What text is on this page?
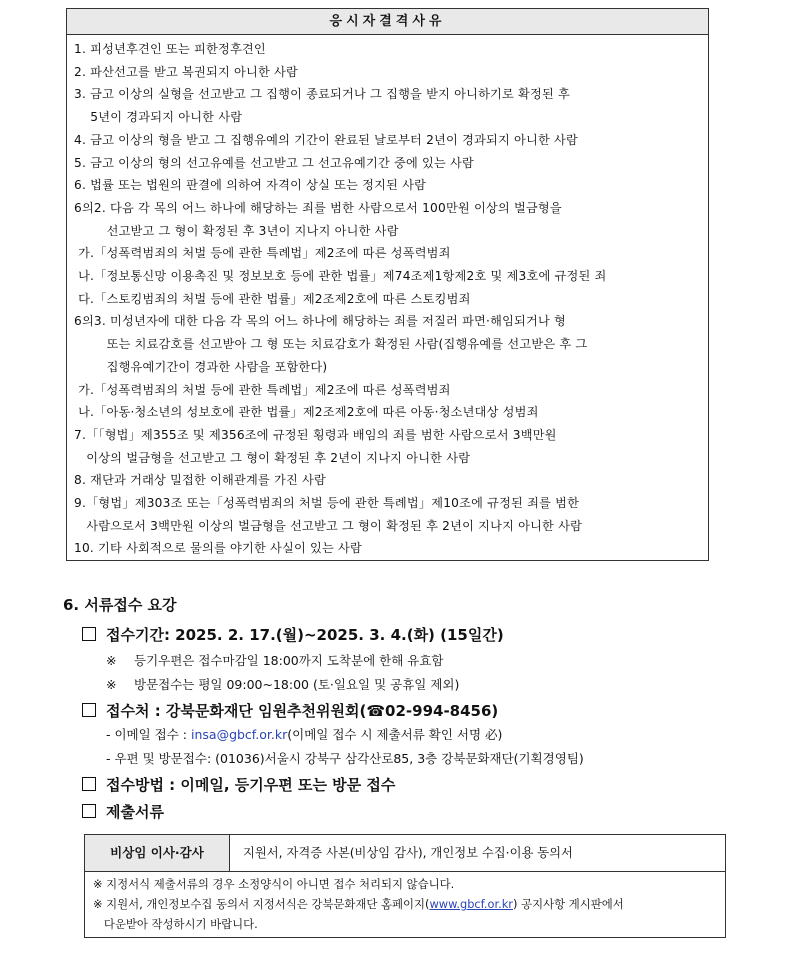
응시자결격사유
1. 피성년후견인 또는 피한정후견인
2. 파산선고를 받고 복권되지 아니한 사람
3. 금고 이상의 실형을 선고받고 그 집행이 종료되거나 그 집행을 받지 아니하기로 확정된 후
5년이 경과되지 아니한 사람
4. 금고 이상의 형을 받고 그 집행유예의 기간이 완료된 날로부터 2년이 경과되지 아니한 사람
5. 금고 이상의 형의 선고유예를 선고받고 그 선고유예기간 중에 있는 사람
6. 법률 또는 법원의 판결에 의하여 자격이 상실 또는 정지된 사람
6의2. 다음 각 목의 어느 하나에 해당하는 죄를 범한 사람으로서 100만원 이상의 벌금형을
선고받고 그 형이 확정된 후 3년이 지나지 아니한 사람
가.「성폭력범죄의 처벌 등에 관한 특례법」제2조에 따른 성폭력범죄
나.「정보통신망 이용촉진 및 정보보호 등에 관한 법률」제74조제1항제2호 및 제3호에 규정된 죄
다.「스토킹범죄의 처벌 등에 관한 법률」제2조제2호에 따른 스토킹범죄
6의3. 미성년자에 대한 다음 각 목의 어느 하나에 해당하는 죄를 저질러 파면·해임되거나 형
또는 치료감호를 선고받아 그 형 또는 치료감호가 확정된 사람(집행유예를 선고받은 후 그
집행유예기간이 경과한 사람을 포함한다)
가.「성폭력범죄의 처벌 등에 관한 특례법」제2조에 따른 성폭력범죄
나.「아동·청소년의 성보호에 관한 법률」제2조제2호에 따른 아동·청소년대상 성범죄
7.「「형법」제355조 및 제356조에 규정된 횡령과 배임의 죄를 범한 사람으로서 3백만원
이상의 벌금형을 선고받고 그 형이 확정된 후 2년이 지나지 아니한 사람
8. 재단과 거래상 밀접한 이해관계를 가진 사람
9.「형법」제303조 또는「성폭력범죄의 처벌 등에 관한 특례법」제10조에 규정된 죄를 범한
사람으로서 3백만원 이상의 벌금형을 선고받고 그 형이 확정된 후 2년이 지나지 아니한 사람
10. 기타 사회적으로 물의를 야기한 사실이 있는 사람
6. 서류접수 요강
접수기간: 2025. 2. 17.(월)~2025. 3. 4.(화) (15일간)
※ 등기우편은 접수마감일 18:00까지 도착분에 한해 유효함
※ 방문접수는 평일 09:00~18:00 (토·일요일 및 공휴일 제외)
접수처 : 강북문화재단 임원추천위원회(☎02-994-8456)
- 이메일 접수 : insa@gbcf.or.kr(이메일 접수 시 제출서류 확인 서명 必)
- 우편 및 방문접수: (01036)서울시 강북구 삼각산로85, 3층 강북문화재단(기획경영팀)
접수방법 : 이메일, 등기우편 또는 방문 접수
제출서류
비상임 이사·감사	지원서, 자격증 사본(비상임 감사), 개인정보 수집·이용 동의서
※ 지정서식 제출서류의 경우 소정양식이 아니면 접수 처리되지 않습니다.
※ 지원서, 개인정보수집 동의서 지정서식은 강북문화재단 홈페이지(www.gbcf.or.kr) 공지사항 게시판에서
다운받아 작성하시기 바랍니다.
